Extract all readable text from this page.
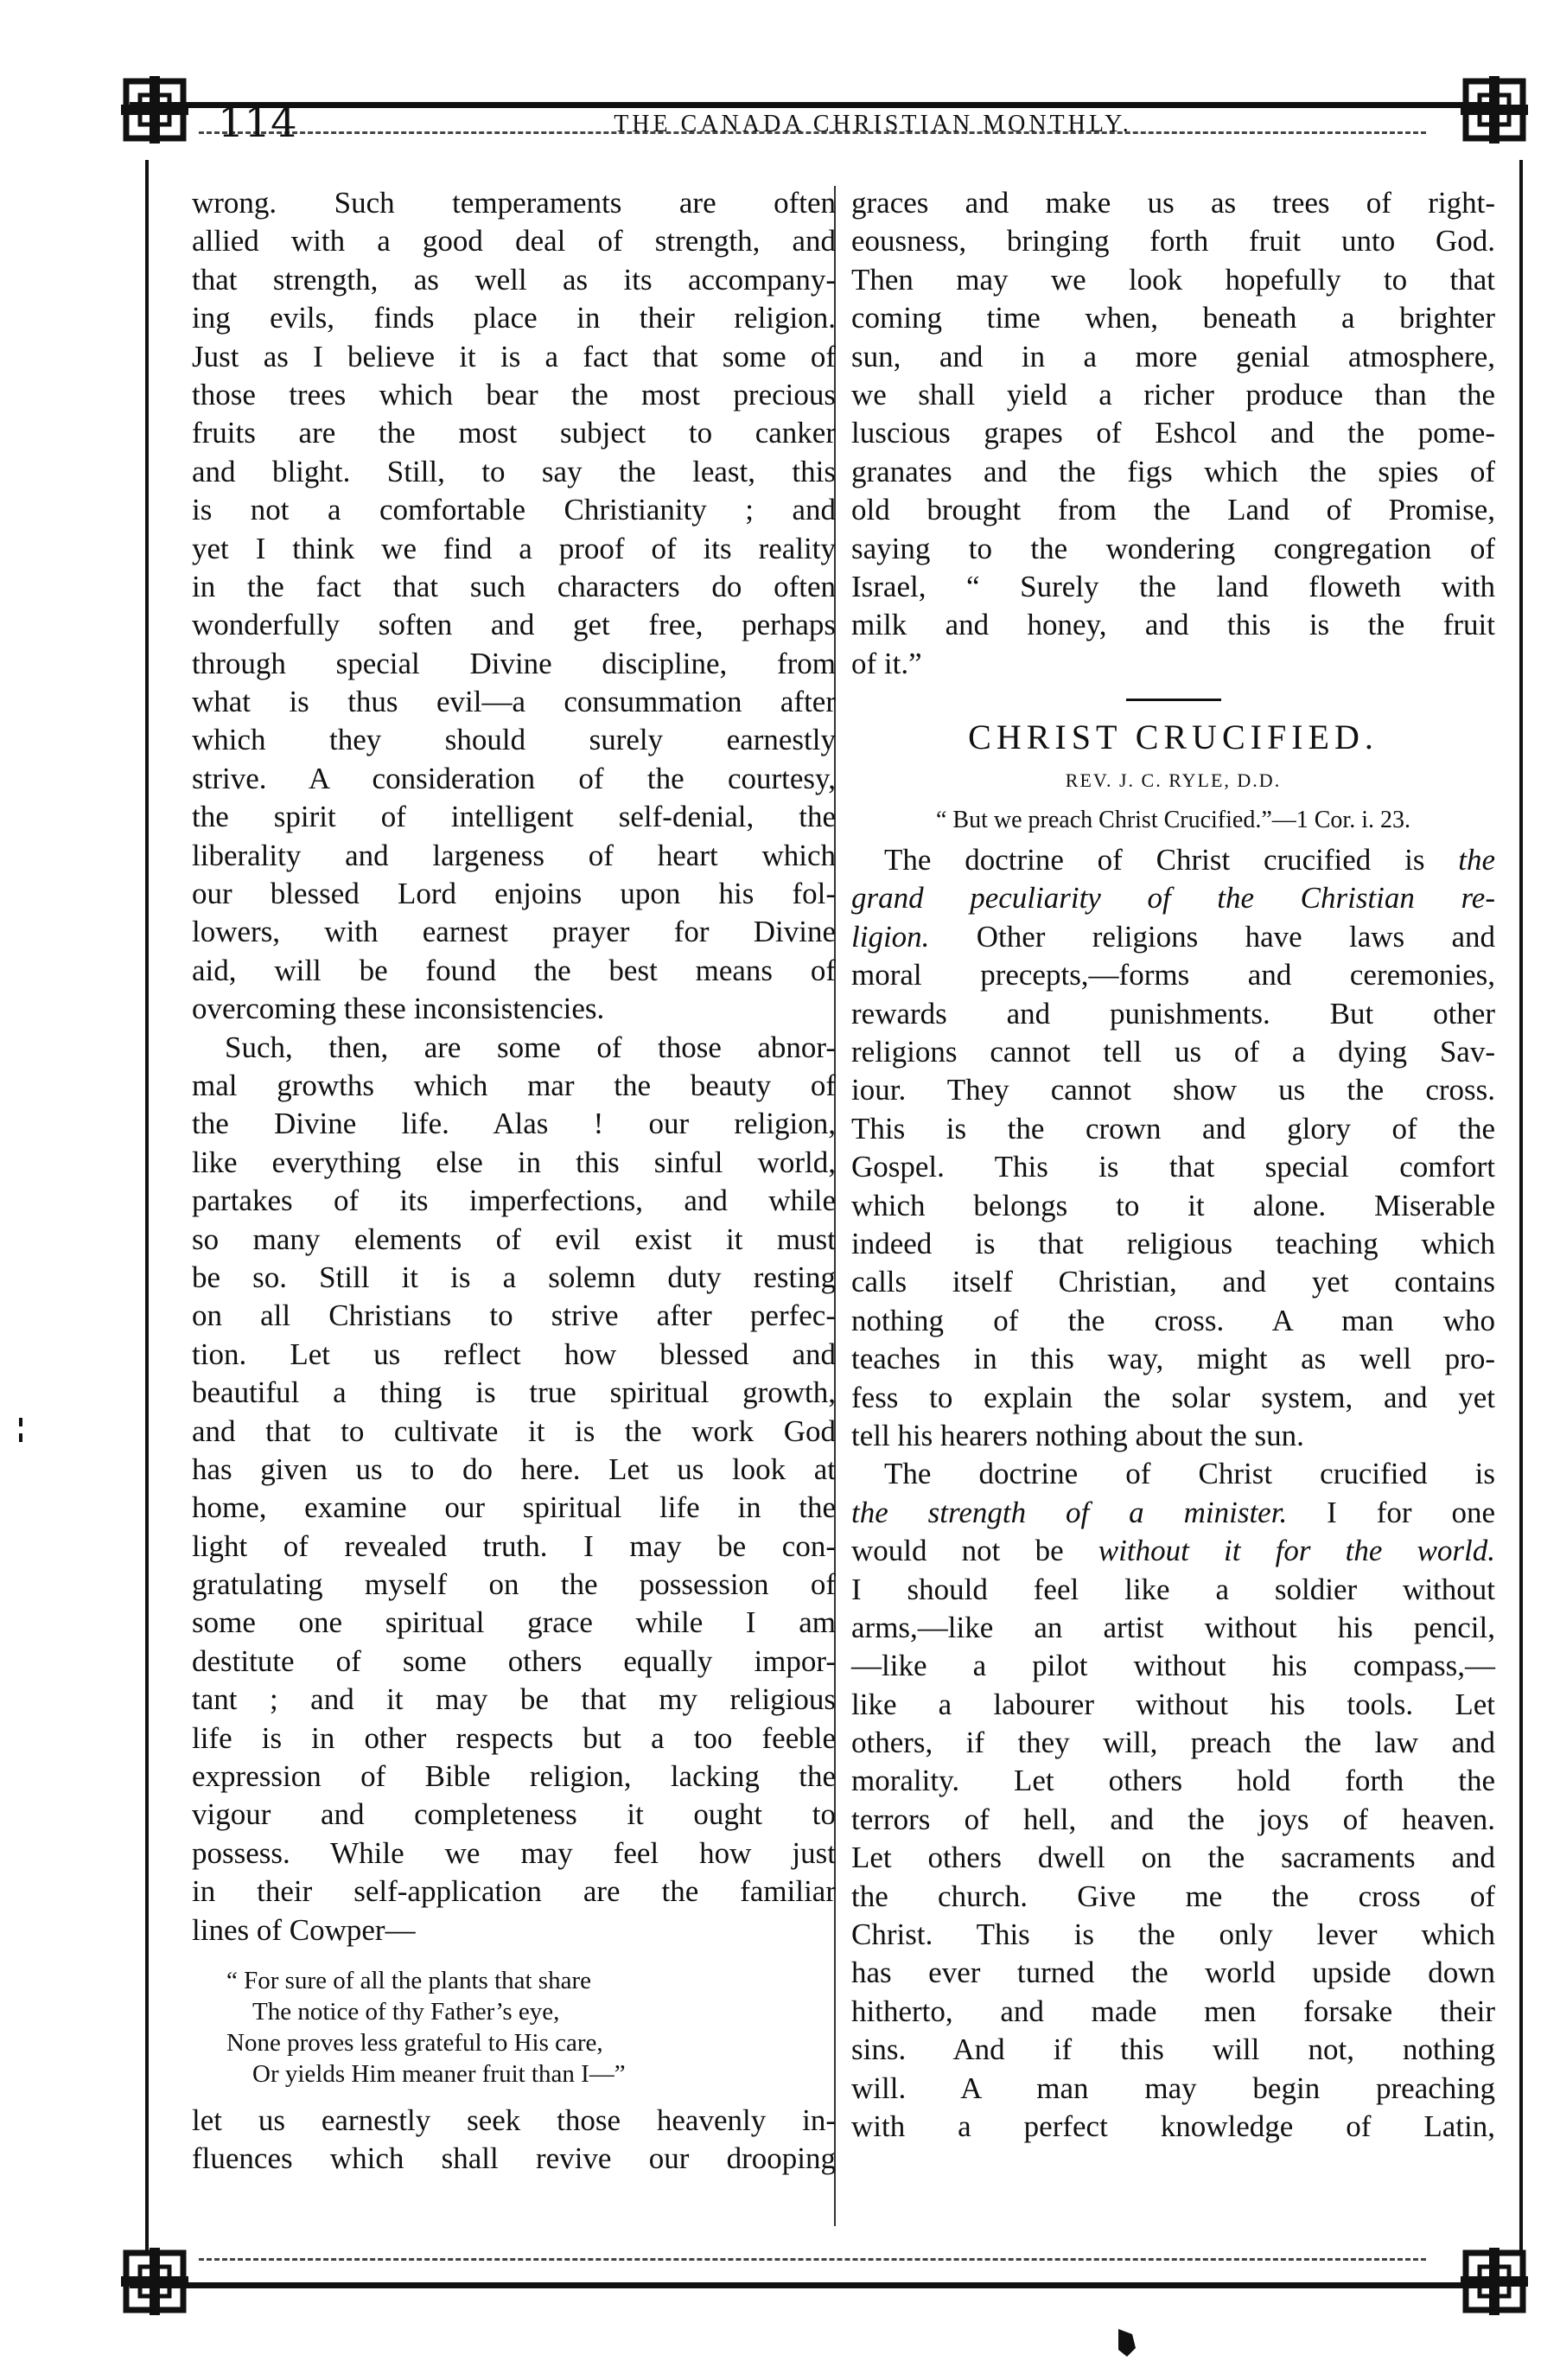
114	THE CANADA CHRISTIAN MONTHLY.
wrong. Such temperaments are often
allied with a good deal of strength, and
that strength, as well as its accompany-
ing evils, finds place in their religion.
Just as I believe it is a fact that some of
those trees which bear the most precious
fruits are the most subject to canker
and blight. Still, to say the least, this
is not a comfortable Christianity ; and
yet I think we find a proof of its reality
in the fact that such characters do often
wonderfully soften and get free, perhaps
through special Divine discipline, from
what is thus evil—a consummation after
which they should surely earnestly
strive. A consideration of the courtesy,
the spirit of intelligent self-denial, the
liberality and largeness of heart which
our blessed Lord enjoins upon his fol-
lowers, with earnest prayer for Divine
aid, will be found the best means of
overcoming these inconsistencies.
Such, then, are some of those abnor-
mal growths which mar the beauty of
the Divine life. Alas ! our religion,
like everything else in this sinful world,
partakes of its imperfections, and while
so many elements of evil exist it must
be so. Still it is a solemn duty resting
on all Christians to strive after perfec-
tion. Let us reflect how blessed and
beautiful a thing is true spiritual growth,
and that to cultivate it is the work God
has given us to do here. Let us look at
home, examine our spiritual life in the
light of revealed truth. I may be con-
gratulating myself on the possession of
some one spiritual grace while I am
destitute of some others equally impor-
tant ; and it may be that my religious
life is in other respects but a too feeble
expression of Bible religion, lacking the
vigour and completeness it ought to
possess. While we may feel how just
in their self-application are the familiar
lines of Cowper—
“ For sure of all the plants that share
The notice of thy Father’s eye,
None proves less grateful to His care,
Or yields Him meaner fruit than I—”
let us earnestly seek those heavenly in-
fluences which shall revive our drooping
graces and make us as trees of right-
eousness, bringing forth fruit unto God.
Then may we look hopefully to that
coming time when, beneath a brighter
sun, and in a more genial atmosphere,
we shall yield a richer produce than the
luscious grapes of Eshcol and the pome-
granates and the figs which the spies of
old brought from the Land of Promise,
saying to the wondering congregation of
Israel, “ Surely the land floweth with
milk and honey, and this is the fruit
of it.”
CHRIST CRUCIFIED.
REV. J. C. RYLE, D.D.
“ But we preach Christ Crucified.”—1 Cor. i. 23.
The doctrine of Christ crucified is the
grand peculiarity of the Christian re-
ligion. Other religions have laws and
moral precepts,—forms and ceremonies,
rewards and punishments. But other
religions cannot tell us of a dying Sav-
iour. They cannot show us the cross.
This is the crown and glory of the
Gospel. This is that special comfort
which belongs to it alone. Miserable
indeed is that religious teaching which
calls itself Christian, and yet contains
nothing of the cross. A man who
teaches in this way, might as well pro-
fess to explain the solar system, and yet
tell his hearers nothing about the sun.
The doctrine of Christ crucified is
the strength of a minister. I for one
would not be without it for the world.
I should feel like a soldier without
arms,—like an artist without his pencil,
—like a pilot without his compass,—
like a labourer without his tools. Let
others, if they will, preach the law and
morality. Let others hold forth the
terrors of hell, and the joys of heaven.
Let others dwell on the sacraments and
the church. Give me the cross of
Christ. This is the only lever which
has ever turned the world upside down
hitherto, and made men forsake their
sins. And if this will not, nothing
will. A man may begin preaching
with a perfect knowledge of Latin,
